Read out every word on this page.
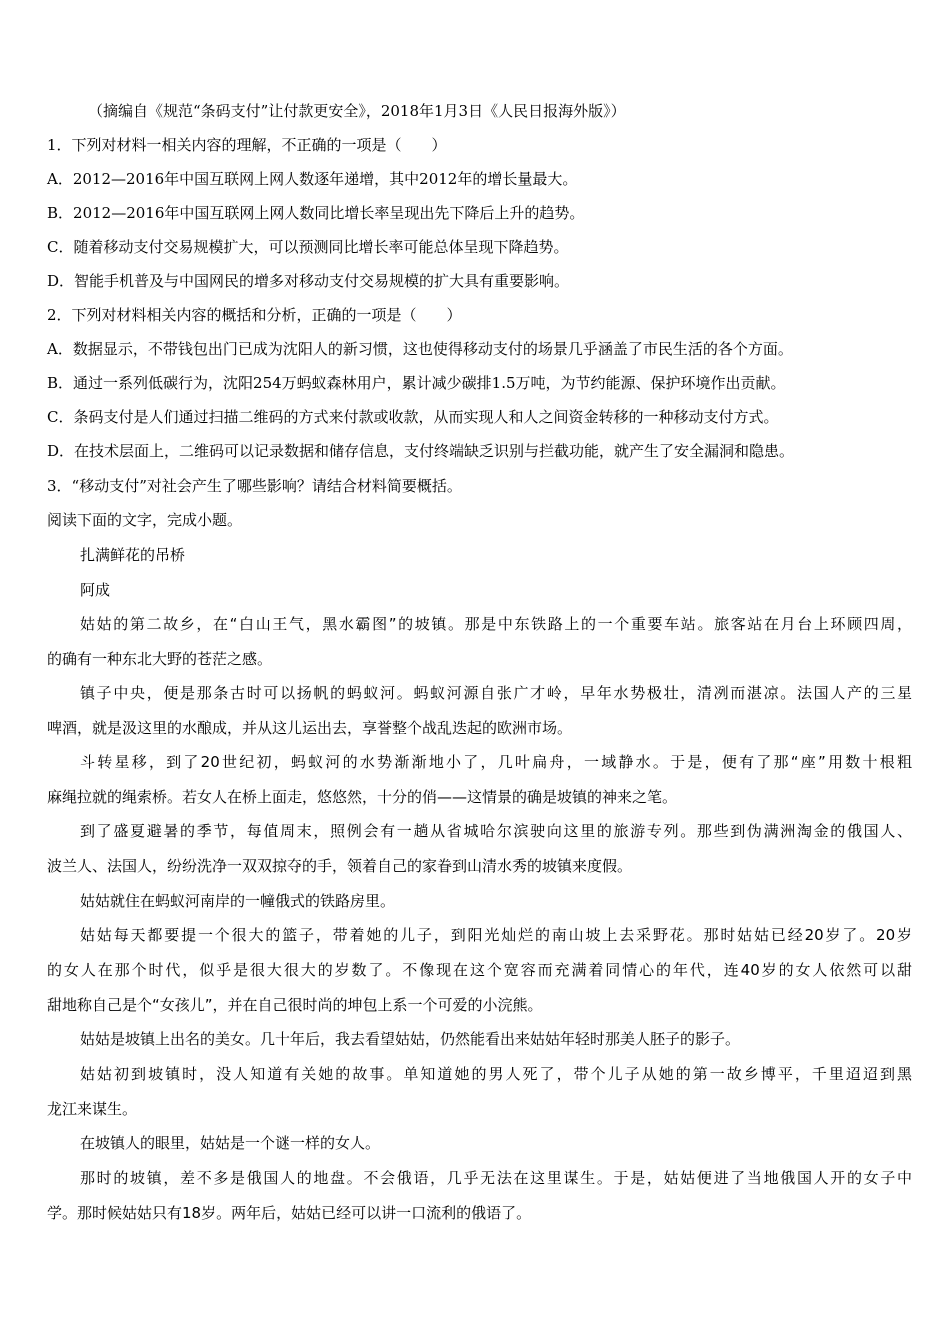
（摘编自《规范“条码支付”让付款更安全》，2018年1月3日《人民日报海外版》）
1．下列对材料一相关内容的理解，不正确的一项是（　　）
A．2012—2016年中国互联网上网人数逐年递增，其中2012年的增长量最大。
B．2012—2016年中国互联网上网人数同比增长率呈现出先下降后上升的趋势。
C．随着移动支付交易规模扩大，可以预测同比增长率可能总体呈现下降趋势。
D．智能手机普及与中国网民的增多对移动支付交易规模的扩大具有重要影响。
2．下列对材料相关内容的概括和分析，正确的一项是（　　）
A．数据显示，不带钱包出门已成为沈阳人的新习惯，这也使得移动支付的场景几乎涵盖了市民生活的各个方面。
B．通过一系列低碳行为，沈阳254万蚂蚁森林用户，累计减少碳排1.5万吨，为节约能源、保护环境作出贡献。
C．条码支付是人们通过扫描二维码的方式来付款或收款，从而实现人和人之间资金转移的一种移动支付方式。
D．在技术层面上，二维码可以记录数据和储存信息，支付终端缺乏识别与拦截功能，就产生了安全漏洞和隐患。
3．“移动支付”对社会产生了哪些影响？请结合材料简要概括。
阅读下面的文字，完成小题。
扎满鲜花的吊桥
阿成
姑姑的第二故乡，在“白山王气，黑水霸图”的坡镇。那是中东铁路上的一个重要车站。旅客站在月台上环顾四周，
的确有一种东北大野的苍茫之感。
镇子中央，便是那条古时可以扬帆的蚂蚁河。蚂蚁河源自张广才岭，早年水势极壮，清冽而湛凉。法国人产的三星
啤酒，就是汲这里的水酿成，并从这儿运出去，享誉整个战乱迭起的欧洲市场。
斗转星移，到了20世纪初，蚂蚁河的水势渐渐地小了，几叶扁舟，一域静水。于是，便有了那“座”用数十根粗
麻绳拉就的绳索桥。若女人在桥上面走，悠悠然，十分的俏——这情景的确是坡镇的神来之笔。
到了盛夏避暑的季节，每值周末，照例会有一趟从省城哈尔滨驶向这里的旅游专列。那些到伪满洲淘金的俄国人、
波兰人、法国人，纷纷洗净一双双掠夺的手，领着自己的家眷到山清水秀的坡镇来度假。
姑姑就住在蚂蚁河南岸的一幢俄式的铁路房里。
姑姑每天都要提一个很大的篮子，带着她的儿子，到阳光灿烂的南山坡上去采野花。那时姑姑已经20岁了。20岁
的女人在那个时代，似乎是很大很大的岁数了。不像现在这个宽容而充满着同情心的年代，连40岁的女人依然可以甜
甜地称自己是个“女孩儿”，并在自己很时尚的坤包上系一个可爱的小浣熊。
姑姑是坡镇上出名的美女。几十年后，我去看望姑姑，仍然能看出来姑姑年轻时那美人胚子的影子。
姑姑初到坡镇时，没人知道有关她的故事。单知道她的男人死了，带个儿子从她的第一故乡博平，千里迢迢到黑
龙江来谋生。
在坡镇人的眼里，姑姑是一个谜一样的女人。
那时的坡镇，差不多是俄国人的地盘。不会俄语，几乎无法在这里谋生。于是，姑姑便进了当地俄国人开的女子中
学。那时候姑姑只有18岁。两年后，姑姑已经可以讲一口流利的俄语了。
